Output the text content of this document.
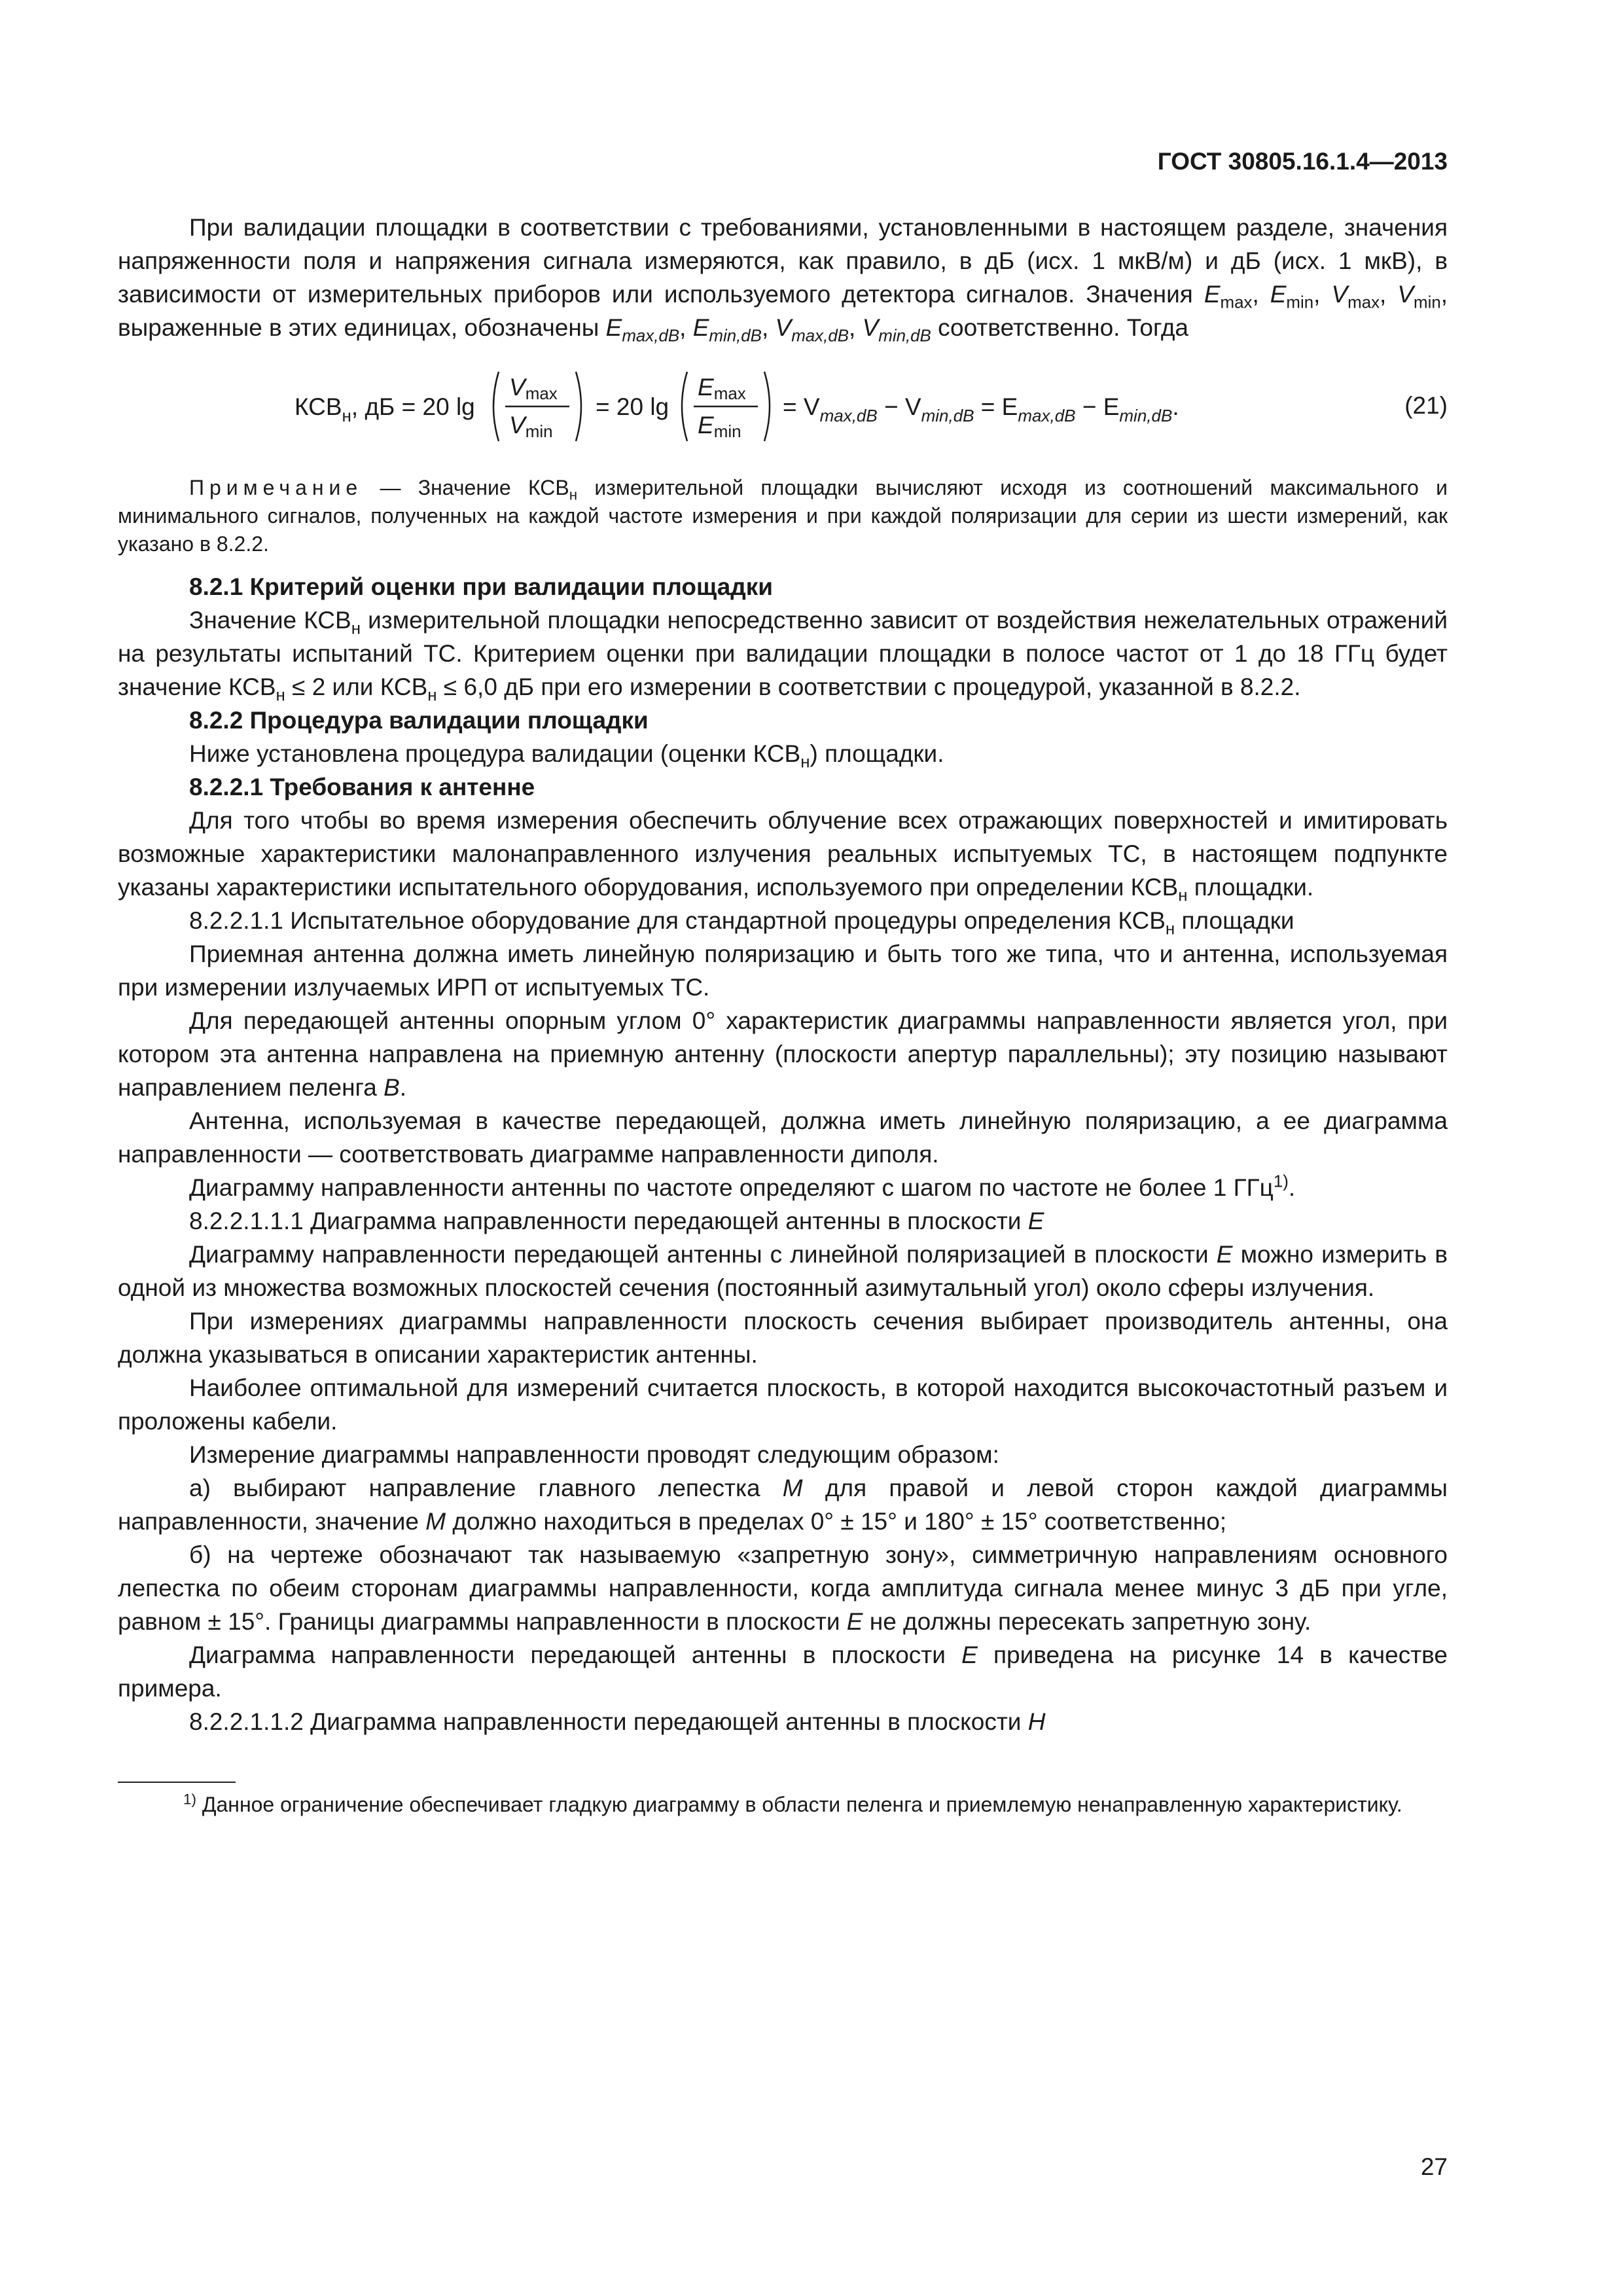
ГОСТ 30805.16.1.4—2013

При валидации площадки в соответствии с требованиями, установленными в настоящем разделе, значения напряженности поля и напряжения сигнала измеряются, как правило, в дБ (исх. 1 мкВ/м) и дБ (исх. 1 мкВ), в зависимости от измерительных приборов или используемого детектора сигналов. Значения $E_{max}$, $E_{min}$, $V_{max}$, $V_{min}$, выраженные в этих единицах, обозначены $E_{max,dB}$, $E_{min,dB}$, $V_{max,dB}$, $V_{min,dB}$ соответственно. Тогда

$КСВ_н$, дБ = 20 lg
Vmax
Vmin
= 20 lg
Emax
Emin
= $V_{max,dB} - V_{min,dB} = E_{max,dB} - E_{min,dB}$.	(21)

Примечание — Значение $КСВ_н$ измерительной площадки вычисляют исходя из соотношений максимального и минимального сигналов, полученных на каждой частоте измерения и при каждой поляризации для серии из шести измерений, как указано в 8.2.2.

8.2.1 Критерий оценки при валидации площадки

Значение $КСВ_н$ измерительной площадки непосредственно зависит от воздействия нежелательных отражений на результаты испытаний ТС. Критерием оценки при валидации площадки в полосе частот от 1 до 18 ГГц будет значение $КСВ_н \le 2$ или $КСВ_н \le 6,0$ дБ при его измерении в соответствии с процедурой, указанной в 8.2.2.

8.2.2 Процедура валидации площадки

Ниже установлена процедура валидации (оценки $КСВ_н$) площадки.

8.2.2.1 Требования к антенне

Для того чтобы во время измерения обеспечить облучение всех отражающих поверхностей и имитировать возможные характеристики малонаправленного излучения реальных испытуемых ТС, в настоящем подпункте указаны характеристики испытательного оборудования, используемого при определении $КСВ_н$ площадки.

8.2.2.1.1 Испытательное оборудование для стандартной процедуры определения $КСВ_н$ площадки

Приемная антенна должна иметь линейную поляризацию и быть того же типа, что и антенна, используемая при измерении излучаемых ИРП от испытуемых ТС.

Для передающей антенны опорным углом 0° характеристик диаграммы направленности является угол, при котором эта антенна направлена на приемную антенну (плоскости апертур параллельны); эту позицию называют направлением пеленга B.

Антенна, используемая в качестве передающей, должна иметь линейную поляризацию, а ее диаграмма направленности — соответствовать диаграмме направленности диполя.

Диаграмму направленности антенны по частоте определяют с шагом по частоте не более 1 ГГц$^{1)}$.

8.2.2.1.1.1 Диаграмма направленности передающей антенны в плоскости E

Диаграмму направленности передающей антенны с линейной поляризацией в плоскости E можно измерить в одной из множества возможных плоскостей сечения (постоянный азимутальный угол) около сферы излучения.

При измерениях диаграммы направленности плоскость сечения выбирает производитель антенны, она должна указываться в описании характеристик антенны.

Наиболее оптимальной для измерений считается плоскость, в которой находится высокочастотный разъем и проложены кабели.

Измерение диаграммы направленности проводят следующим образом:

а) выбирают направление главного лепестка M для правой и левой сторон каждой диаграммы направленности, значение M должно находиться в пределах 0° ± 15° и 180° ± 15° соответственно;

б) на чертеже обозначают так называемую «запретную зону», симметричную направлениям основного лепестка по обеим сторонам диаграммы направленности, когда амплитуда сигнала менее минус 3 дБ при угле, равном ± 15°. Границы диаграммы направленности в плоскости E не должны пересекать запретную зону.

Диаграмма направленности передающей антенны в плоскости E приведена на рисунке 14 в качестве примера.

8.2.2.1.1.2 Диаграмма направленности передающей антенны в плоскости H

$^{1)}$ Данное ограничение обеспечивает гладкую диаграмму в области пеленга и приемлемую ненаправленную характеристику.

27
